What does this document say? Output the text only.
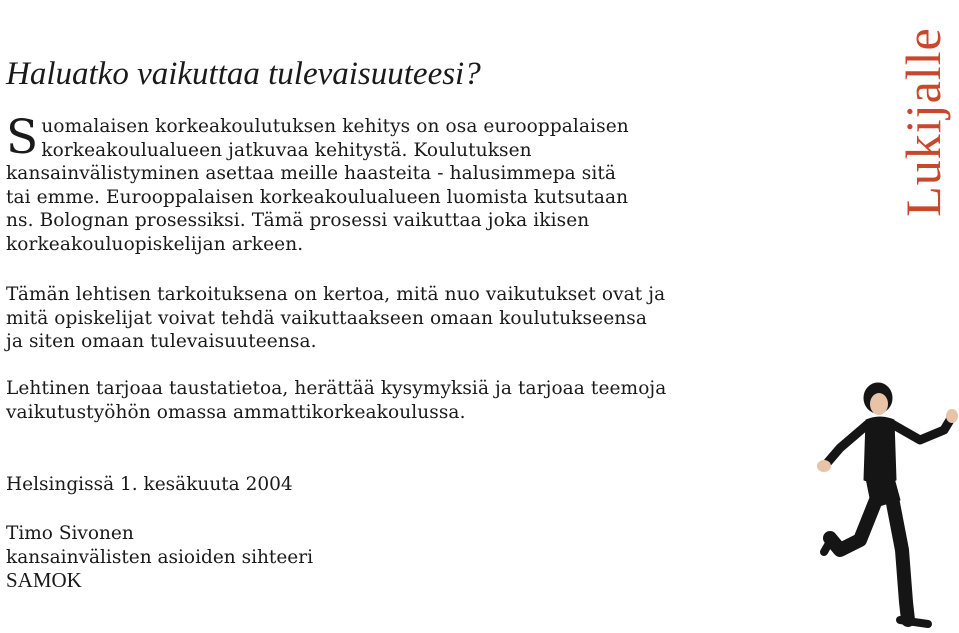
Haluatko vaikuttaa tulevaisuuteesi?	Lukijalle
S uomalaisen korkeakoulutuksen kehitys on osa eurooppalaisen
korkeakoulualueen jatkuvaa kehitystä. Koulutuksen
kansainvälistyminen asettaa meille haasteita - halusimmepa sitä
tai emme. Eurooppalaisen korkeakoulualueen luomista kutsutaan
ns. Bolognan prosessiksi. Tämä prosessi vaikuttaa joka ikisen
korkeakouluopiskelijan arkeen.
Tämän lehtisen tarkoituksena on kertoa, mitä nuo vaikutukset ovat ja
mitä opiskelijat voivat tehdä vaikuttaakseen omaan koulutukseensa
ja siten omaan tulevaisuuteensa.
Lehtinen tarjoaa taustatietoa, herättää kysymyksiä ja tarjoaa teemoja
vaikutustyöhön omassa ammattikorkeakoulussa.

Helsingissä 1. kesäkuuta 2004

Timo Sivonen
kansainvälisten asioiden sihteeri
SAMOK
